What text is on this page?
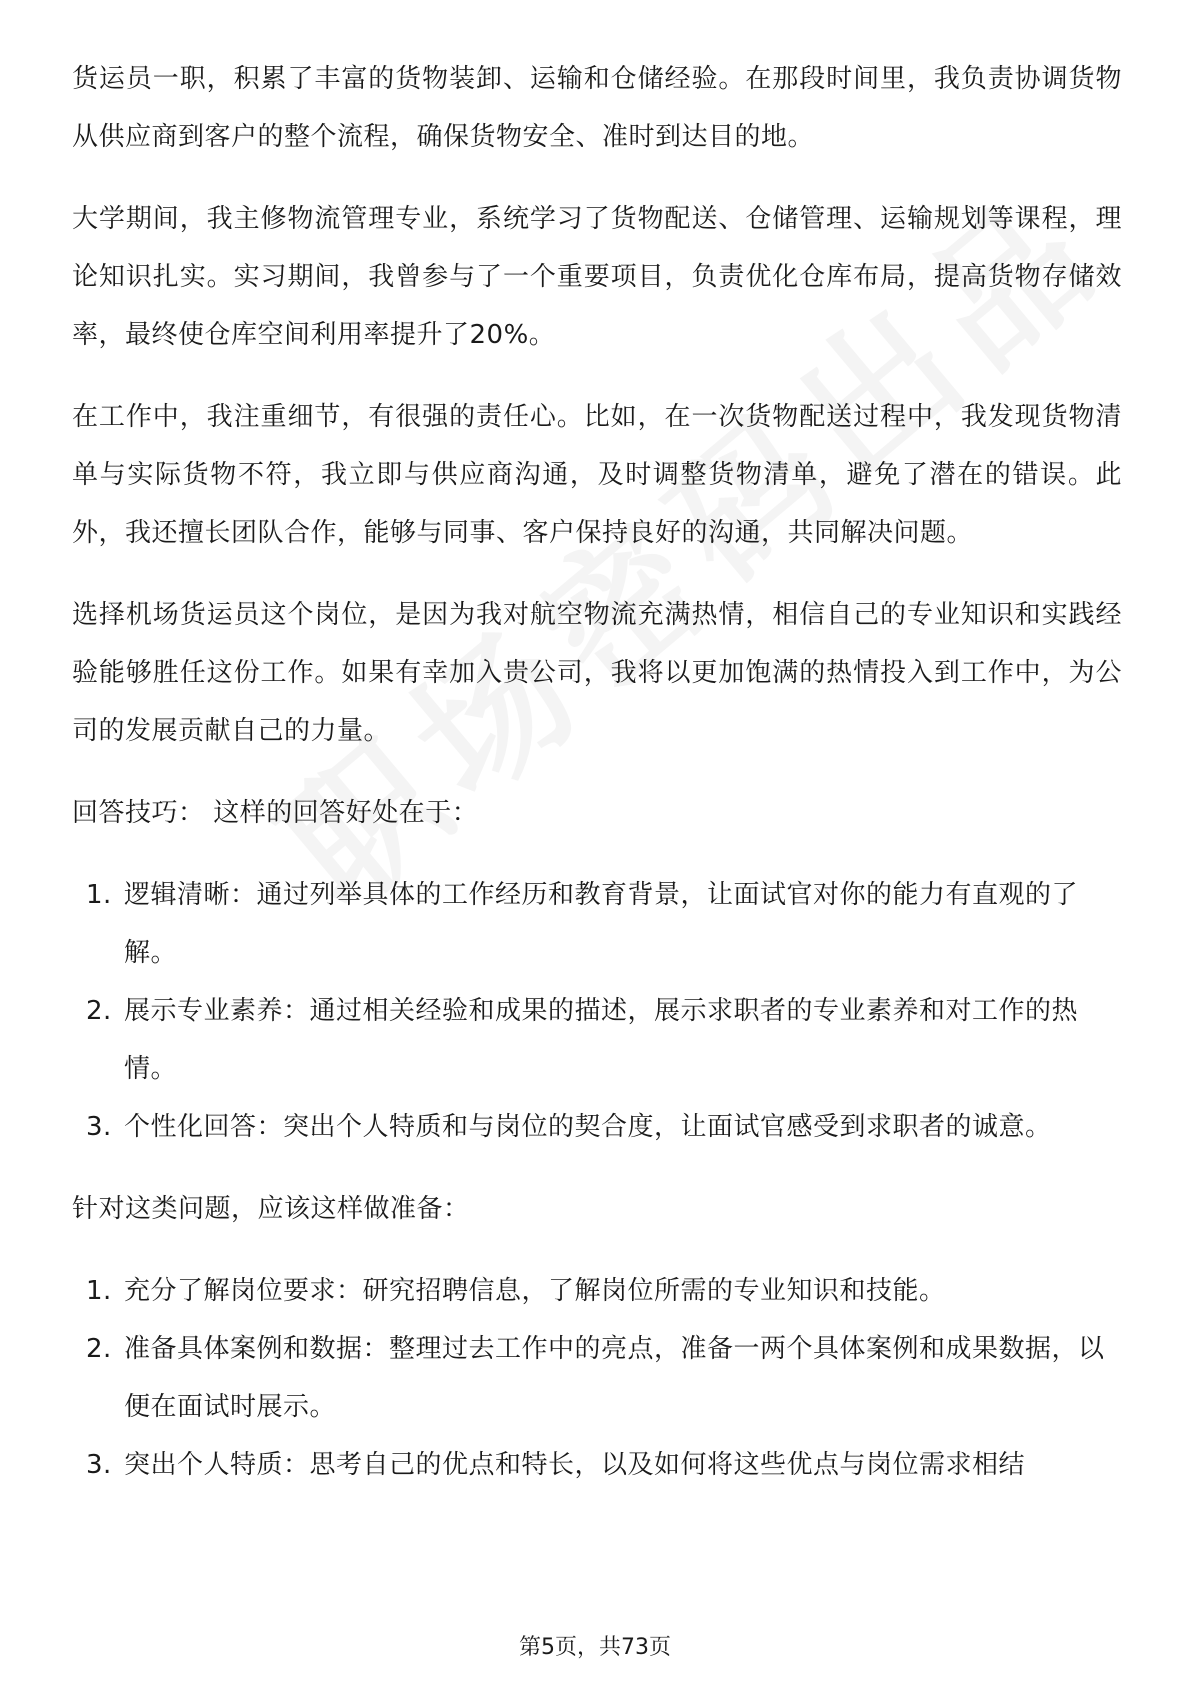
货运员一职，积累了丰富的货物装卸、运输和仓储经验。在那段时间里，我负责协调货物从供应商到客户的整个流程，确保货物安全、准时到达目的地。

大学期间，我主修物流管理专业，系统学习了货物配送、仓储管理、运输规划等课程，理论知识扎实。实习期间，我曾参与了一个重要项目，负责优化仓库布局，提高货物存储效率，最终使仓库空间利用率提升了20%。

在工作中，我注重细节，有很强的责任心。比如，在一次货物配送过程中，我发现货物清单与实际货物不符，我立即与供应商沟通，及时调整货物清单，避免了潜在的错误。此外，我还擅长团队合作，能够与同事、客户保持良好的沟通，共同解决问题。

选择机场货运员这个岗位，是因为我对航空物流充满热情，相信自己的专业知识和实践经验能够胜任这份工作。如果有幸加入贵公司，我将以更加饱满的热情投入到工作中，为公司的发展贡献自己的力量。

回答技巧： 这样的回答好处在于：

1. 逻辑清晰：通过列举具体的工作经历和教育背景，让面试官对你的能力有直观的了解。
2. 展示专业素养：通过相关经验和成果的描述，展示求职者的专业素养和对工作的热情。
3. 个性化回答：突出个人特质和与岗位的契合度，让面试官感受到求职者的诚意。

针对这类问题，应该这样做准备：

1. 充分了解岗位要求：研究招聘信息，了解岗位所需的专业知识和技能。
2. 准备具体案例和数据：整理过去工作中的亮点，准备一两个具体案例和成果数据，以便在面试时展示。
3. 突出个人特质：思考自己的优点和特长，以及如何将这些优点与岗位需求相结
第5页，共73页
